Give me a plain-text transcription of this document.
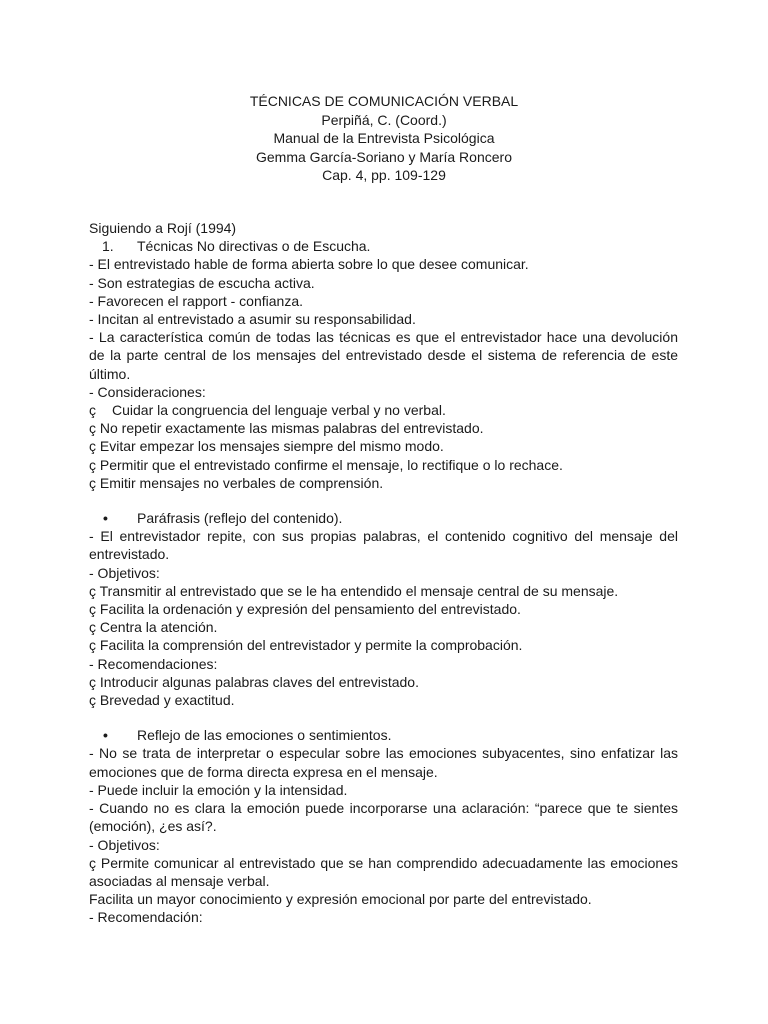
TÉCNICAS DE COMUNICACIÓN VERBAL
Perpiñá, C. (Coord.)
Manual de la Entrevista Psicológica
Gemma García-Soriano y María Roncero
Cap. 4, pp. 109-129
Siguiendo a Rojí (1994)
1. Técnicas No directivas o de Escucha.
- El entrevistado hable de forma abierta sobre lo que desee comunicar.
- Son estrategias de escucha activa.
- Favorecen el rapport - confianza.
- Incitan al entrevistado a asumir su responsabilidad.
- La característica común de todas las técnicas es que el entrevistador hace una devolución de la parte central de los mensajes del entrevistado desde el sistema de referencia de este último.
- Consideraciones:
ç Cuidar la congruencia del lenguaje verbal y no verbal.
ç No repetir exactamente las mismas palabras del entrevistado.
ç Evitar empezar los mensajes siempre del mismo modo.
ç Permitir que el entrevistado confirme el mensaje, lo rectifique o lo rechace.
ç Emitir mensajes no verbales de comprensión.
• Paráfrasis (reflejo del contenido).
- El entrevistador repite, con sus propias palabras, el contenido cognitivo del mensaje del entrevistado.
- Objetivos:
ç Transmitir al entrevistado que se le ha entendido el mensaje central de su mensaje.
ç Facilita la ordenación y expresión del pensamiento del entrevistado.
ç Centra la atención.
ç Facilita la comprensión del entrevistador y permite la comprobación.
- Recomendaciones:
ç Introducir algunas palabras claves del entrevistado.
ç Brevedad y exactitud.
• Reflejo de las emociones o sentimientos.
- No se trata de interpretar o especular sobre las emociones subyacentes, sino enfatizar las emociones que de forma directa expresa en el mensaje.
- Puede incluir la emoción y la intensidad.
- Cuando no es clara la emoción puede incorporarse una aclaración: “parece que te sientes (emoción), ¿es así?.
- Objetivos:
ç Permite comunicar al entrevistado que se han comprendido adecuadamente las emociones asociadas al mensaje verbal.
Facilita un mayor conocimiento y expresión emocional por parte del entrevistado.
- Recomendación:
